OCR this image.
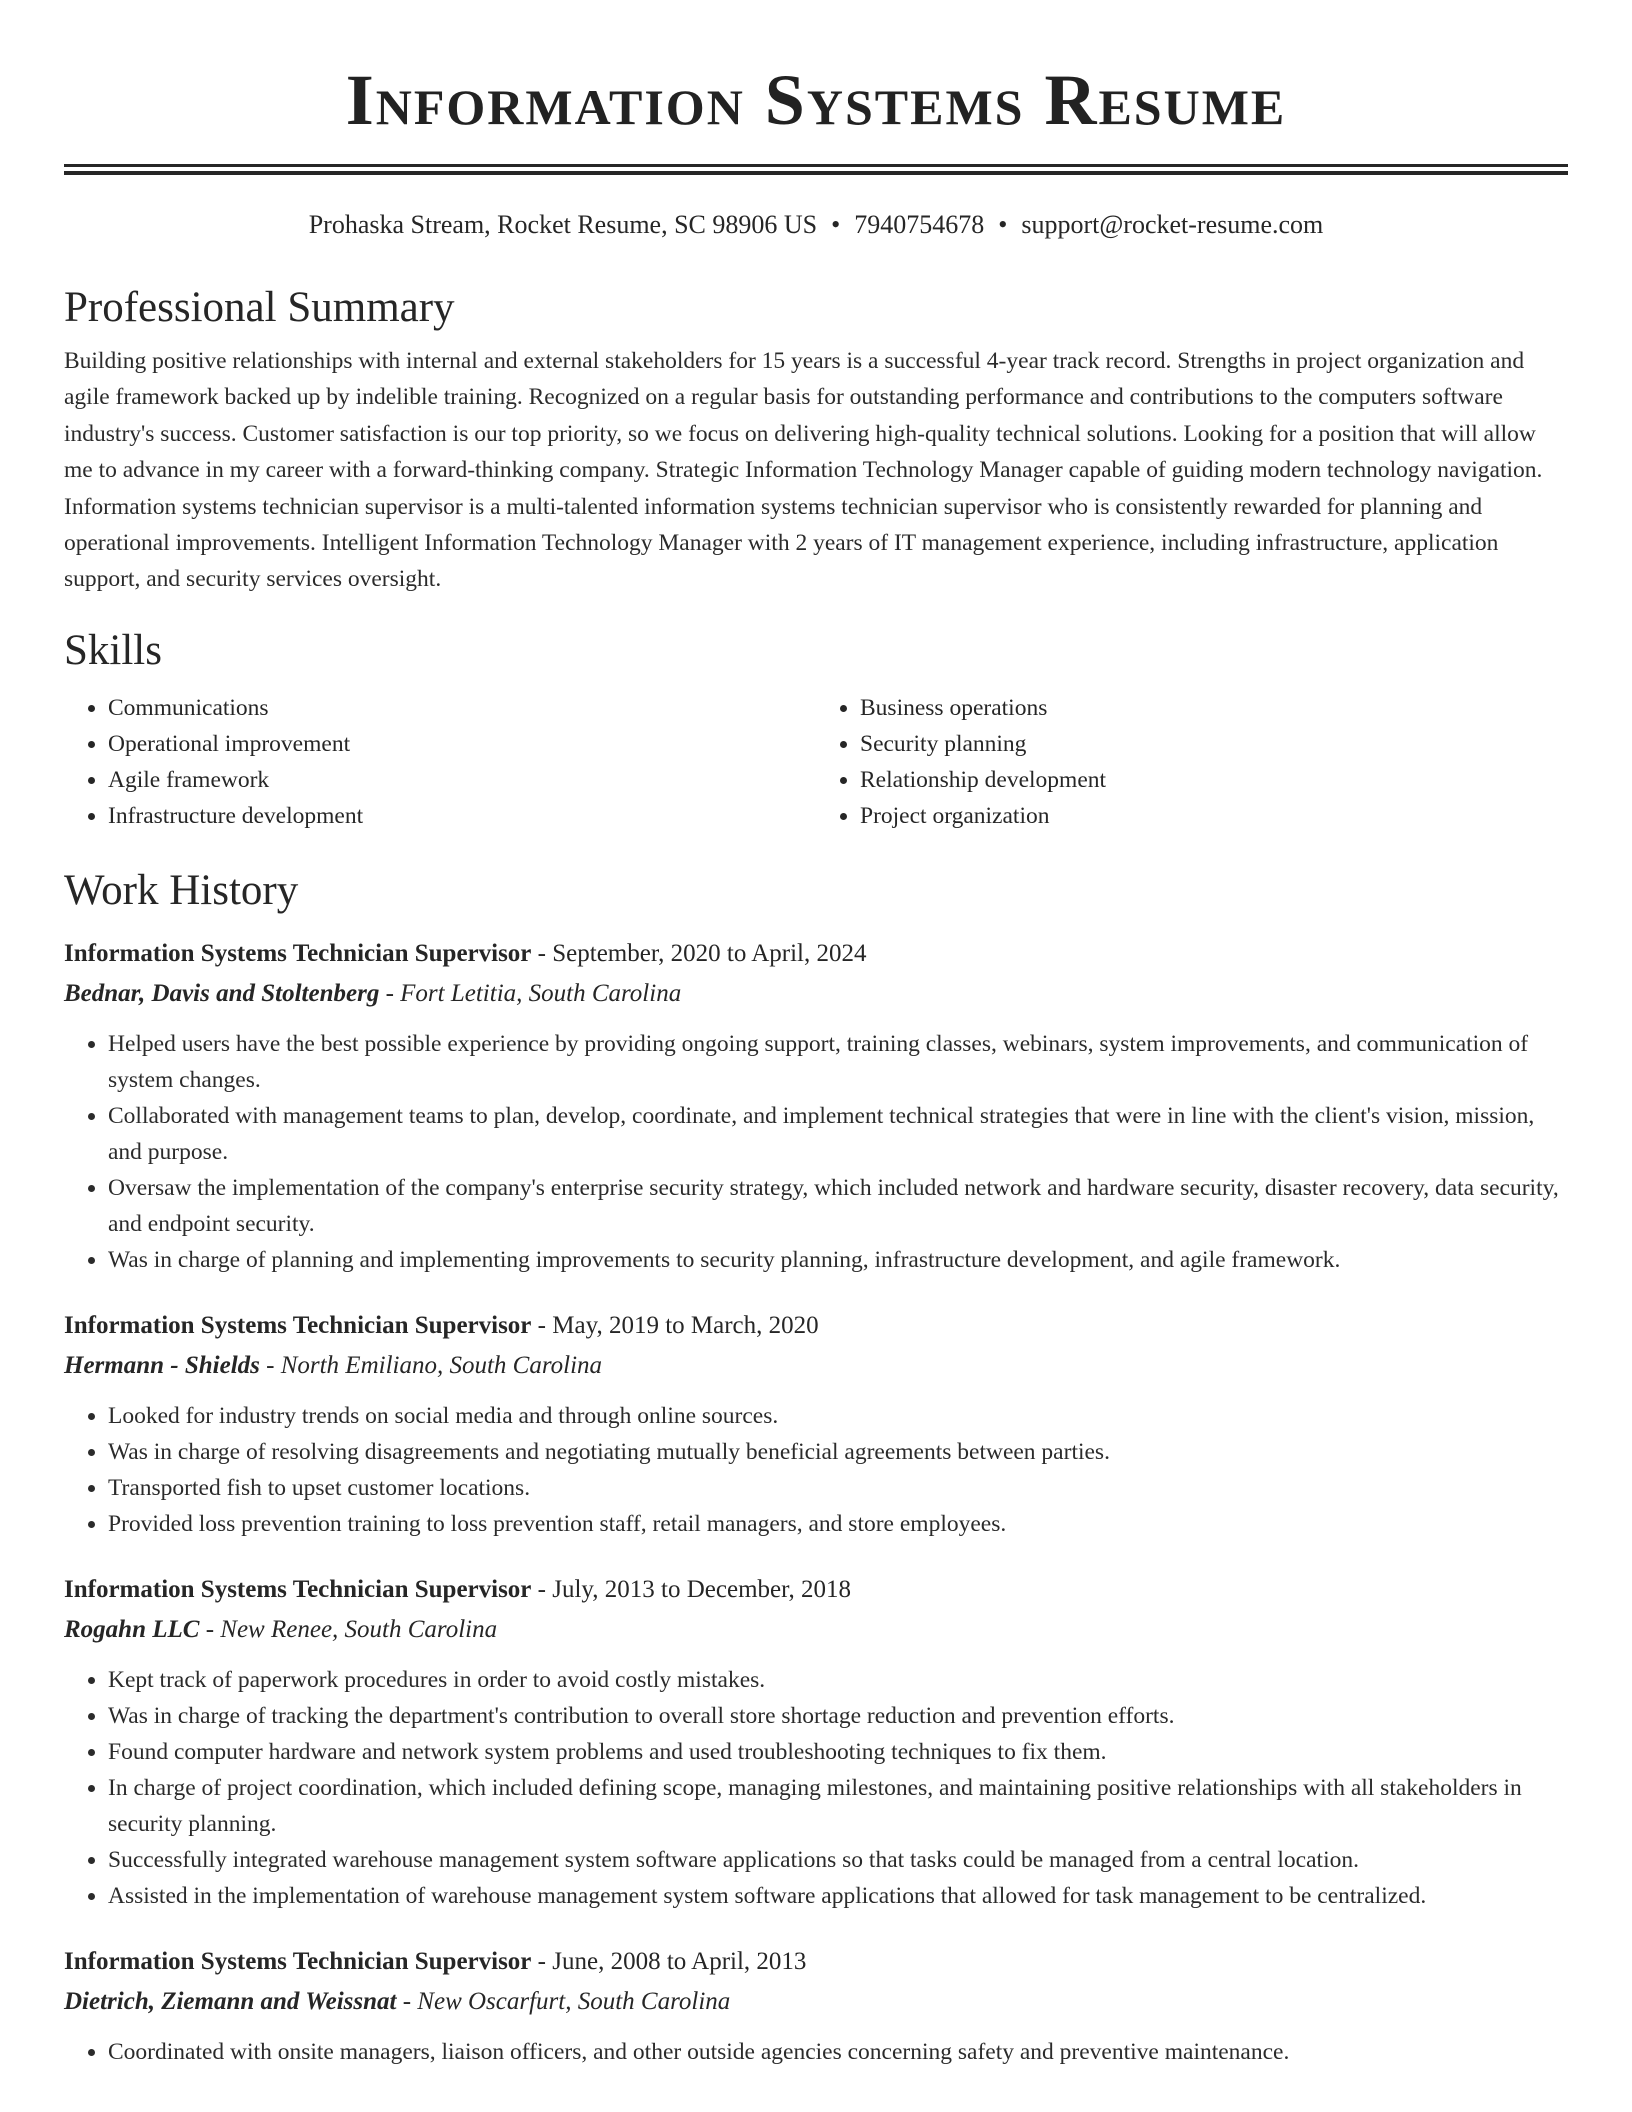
Information Systems Resume
Prohaska Stream, Rocket Resume, SC 98906 US • 7940754678 • support@rocket-resume.com
Professional Summary

Building positive relationships with internal and external stakeholders for 15 years is a successful 4-year track record. Strengths in project organization and agile framework backed up by indelible training. Recognized on a regular basis for outstanding performance and contributions to the computers software industry's success. Customer satisfaction is our top priority, so we focus on delivering high-quality technical solutions. Looking for a position that will allow me to advance in my career with a forward-thinking company. Strategic Information Technology Manager capable of guiding modern technology navigation. Information systems technician supervisor is a multi-talented information systems technician supervisor who is consistently rewarded for planning and operational improvements. Intelligent Information Technology Manager with 2 years of IT management experience, including infrastructure, application support, and security services oversight.

Skills
• Communications
• Operational improvement
• Agile framework
• Infrastructure development
• Business operations
• Security planning
• Relationship development
• Project organization
Work History
Information Systems Technician Supervisor - September, 2020 to April, 2024
Bednar, Davis and Stoltenberg - Fort Letitia, South Carolina
• Helped users have the best possible experience by providing ongoing support, training classes, webinars, system improvements, and communication of system changes.
• Collaborated with management teams to plan, develop, coordinate, and implement technical strategies that were in line with the client's vision, mission, and purpose.
• Oversaw the implementation of the company's enterprise security strategy, which included network and hardware security, disaster recovery, data security, and endpoint security.
• Was in charge of planning and implementing improvements to security planning, infrastructure development, and agile framework.
Information Systems Technician Supervisor - May, 2019 to March, 2020
Hermann - Shields - North Emiliano, South Carolina
• Looked for industry trends on social media and through online sources.
• Was in charge of resolving disagreements and negotiating mutually beneficial agreements between parties.
• Transported fish to upset customer locations.
• Provided loss prevention training to loss prevention staff, retail managers, and store employees.
Information Systems Technician Supervisor - July, 2013 to December, 2018
Rogahn LLC - New Renee, South Carolina
• Kept track of paperwork procedures in order to avoid costly mistakes.
• Was in charge of tracking the department's contribution to overall store shortage reduction and prevention efforts.
• Found computer hardware and network system problems and used troubleshooting techniques to fix them.
• In charge of project coordination, which included defining scope, managing milestones, and maintaining positive relationships with all stakeholders in security planning.
• Successfully integrated warehouse management system software applications so that tasks could be managed from a central location.
• Assisted in the implementation of warehouse management system software applications that allowed for task management to be centralized.
Information Systems Technician Supervisor - June, 2008 to April, 2013
Dietrich, Ziemann and Weissnat - New Oscarfurt, South Carolina
• Coordinated with onsite managers, liaison officers, and other outside agencies concerning safety and preventive maintenance.
